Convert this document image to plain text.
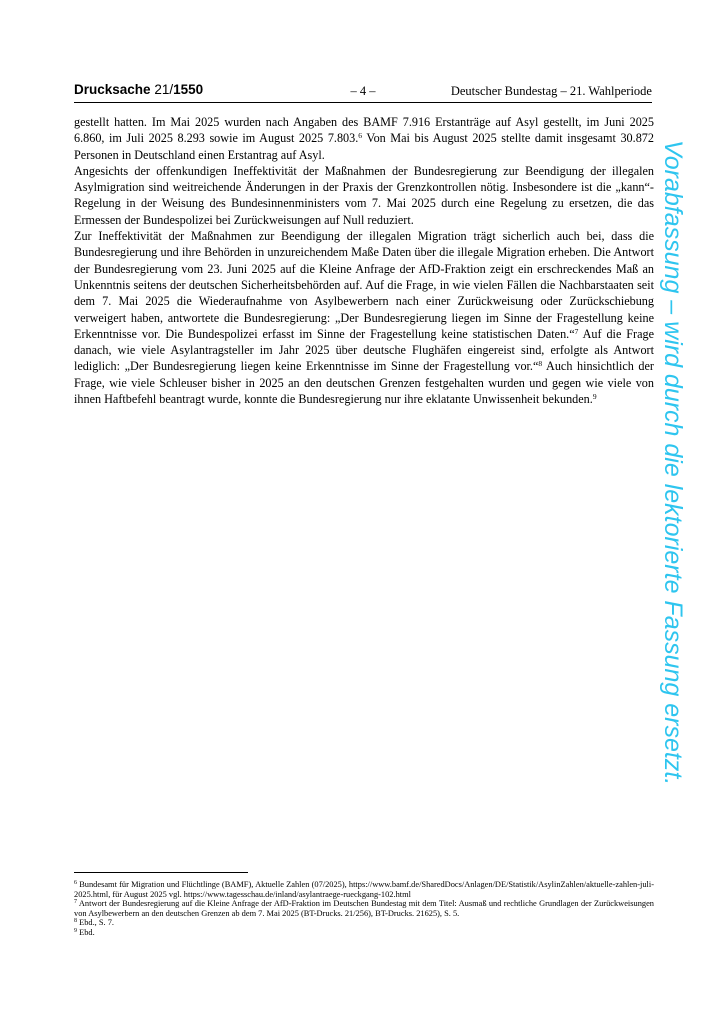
Drucksache 21/1550	– 4 –	Deutscher Bundestag – 21. Wahlperiode

gestellt hatten. Im Mai 2025 wurden nach Angaben des BAMF 7.916 Erstanträge auf Asyl gestellt, im Juni 2025 6.860, im Juli 2025 8.293 sowie im August 2025 7.803.$^6$ Von Mai bis August 2025 stellte damit insgesamt 30.872 Personen in Deutschland einen Erstantrag auf Asyl.

Angesichts der offenkundigen Ineffektivität der Maßnahmen der Bundesregierung zur Beendigung der illegalen Asylmigration sind weitreichende Änderungen in der Praxis der Grenzkontrollen nötig. Insbesondere ist die „kann“-Regelung in der Weisung des Bundesinnenministers vom 7. Mai 2025 durch eine Regelung zu ersetzen, die das Ermessen der Bundespolizei bei Zurückweisungen auf Null reduziert.

Zur Ineffektivität der Maßnahmen zur Beendigung der illegalen Migration trägt sicherlich auch bei, dass die Bundesregierung und ihre Behörden in unzureichendem Maße Daten über die illegale Migration erheben. Die Antwort der Bundesregierung vom 23. Juni 2025 auf die Kleine Anfrage der AfD-Fraktion zeigt ein erschreckendes Maß an Unkenntnis seitens der deutschen Sicherheitsbehörden auf. Auf die Frage, in wie vielen Fällen die Nachbarstaaten seit dem 7. Mai 2025 die Wiederaufnahme von Asylbewerbern nach einer Zurückweisung oder Zurückschiebung verweigert haben, antwortete die Bundesregierung: „Der Bundesregierung liegen im Sinne der Fragestellung keine Erkenntnisse vor. Die Bundespolizei erfasst im Sinne der Fragestellung keine statistischen Daten.“$^7$ Auf die Frage danach, wie viele Asylantragsteller im Jahr 2025 über deutsche Flughäfen eingereist sind, erfolgte als Antwort lediglich: „Der Bundesregierung liegen keine Erkenntnisse im Sinne der Fragestellung vor.“$^8$ Auch hinsichtlich der Frage, wie viele Schleuser bisher in 2025 an den deutschen Grenzen festgehalten wurden und gegen wie viele von ihnen Haftbefehl beantragt wurde, konnte die Bundesregierung nur ihre eklatante Unwissenheit bekunden.$^9$

$^6$ Bundesamt für Migration und Flüchtlinge (BAMF), Aktuelle Zahlen (07/2025), https://www.bamf.de/SharedDocs/Anlagen/DE/Statistik/AsylinZahlen/aktuelle-zahlen-juli-2025.html, für August 2025 vgl. https://www.tagesschau.de/inland/asylantraege-rueckgang-102.html

$^7$ Antwort der Bundesregierung auf die Kleine Anfrage der AfD-Fraktion im Deutschen Bundestag mit dem Titel: Ausmaß und rechtliche Grundlagen der Zurückweisungen von Asylbewerbern an den deutschen Grenzen ab dem 7. Mai 2025 (BT-Drucks. 21/256), BT-Drucks. 21625), S. 5.

$^8$ Ebd., S. 7.

$^9$ Ebd.

Vorabfassung – wird durch die lektorierte Fassung ersetzt.
